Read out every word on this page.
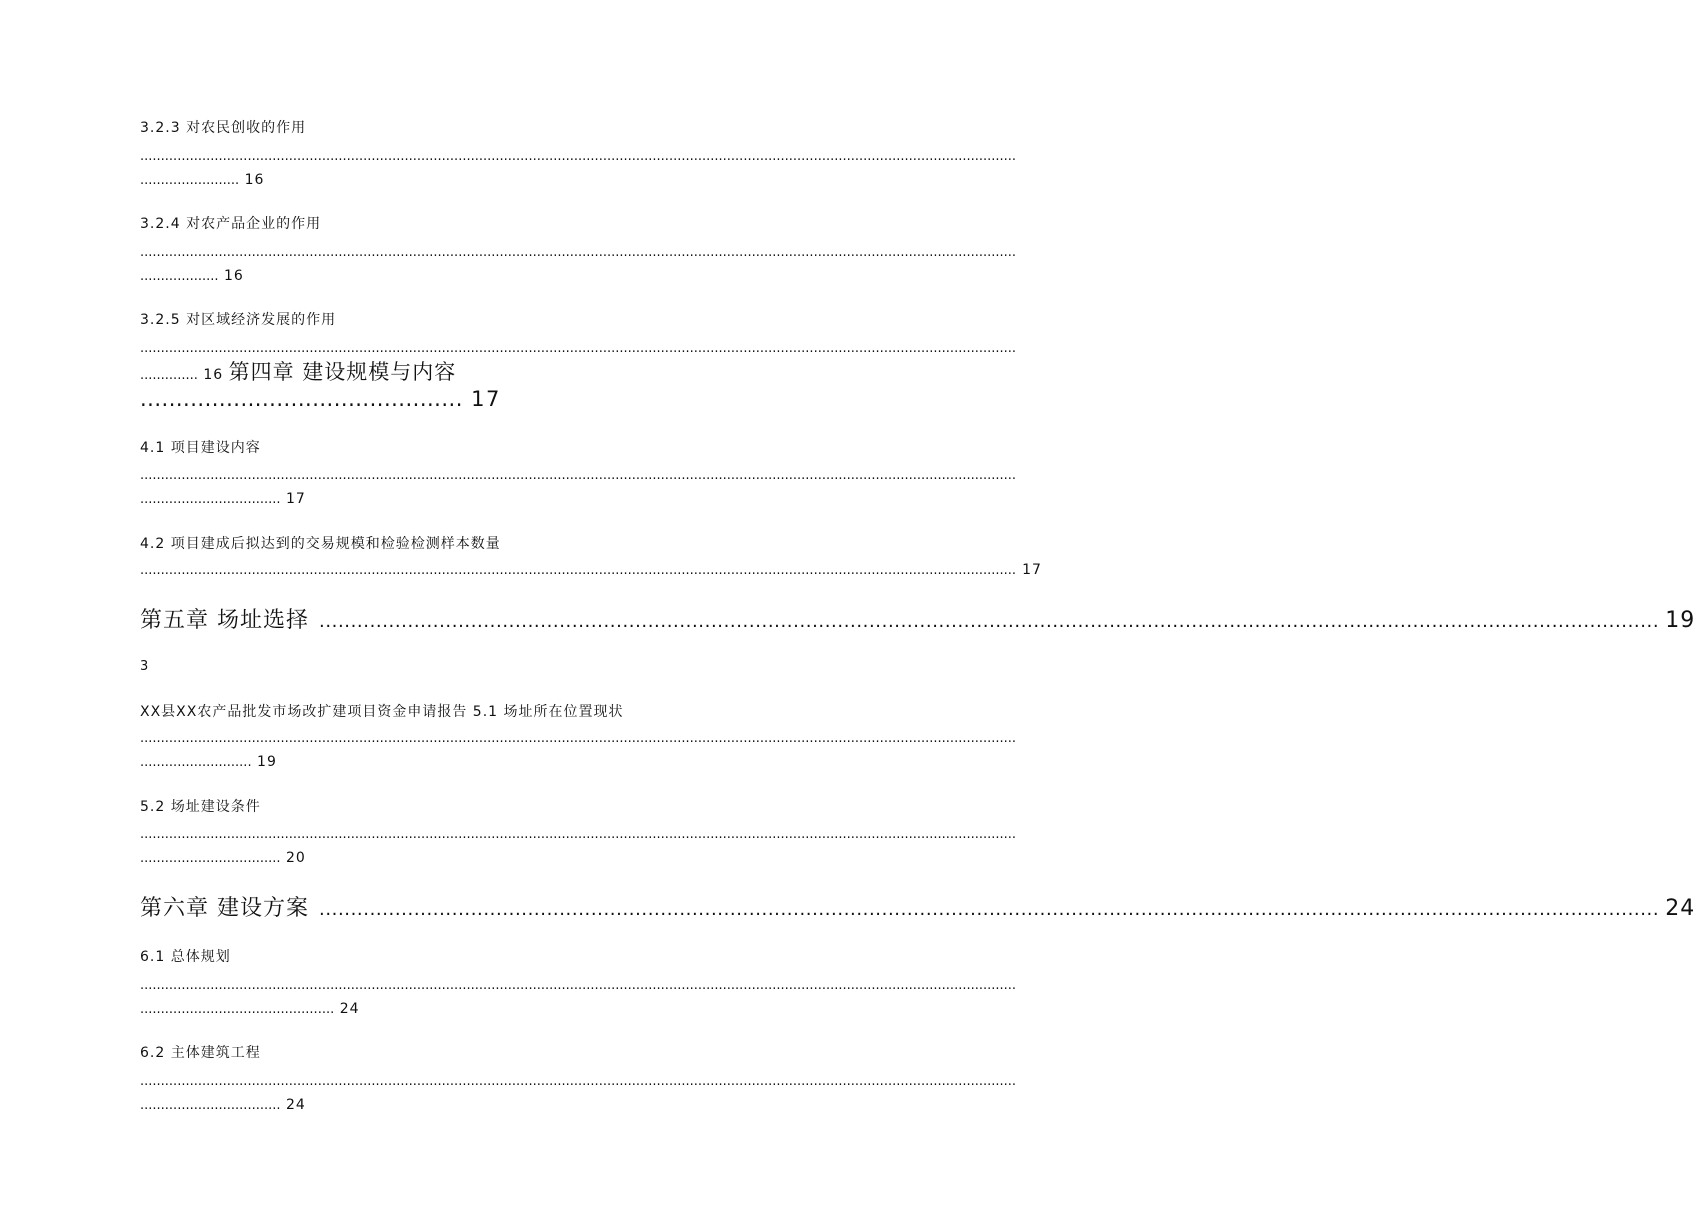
3.2.3 对农民创收的作用
....................................................................................................................................................................................................................
........................ 16
3.2.4 对农产品企业的作用
....................................................................................................................................................................................................................
................... 16
3.2.5 对区域经济发展的作用
....................................................................................................................................................................................................................
.............. 16 第四章 建设规模与内容
............................................. 17
4.1 项目建设内容
....................................................................................................................................................................................................................
.................................. 17
4.2 项目建成后拟达到的交易规模和检验检测样本数量
.................................................................................................................................................................................................................... 17
第五章 场址选择 .................................................................................................................................................................................................................... 19
3
XX县XX农产品批发市场改扩建项目资金申请报告 5.1 场址所在位置现状
....................................................................................................................................................................................................................
........................... 19
5.2 场址建设条件
....................................................................................................................................................................................................................
.................................. 20
第六章 建设方案 .................................................................................................................................................................................................................... 24
6.1 总体规划
....................................................................................................................................................................................................................
............................................... 24
6.2 主体建筑工程
....................................................................................................................................................................................................................
.................................. 24
